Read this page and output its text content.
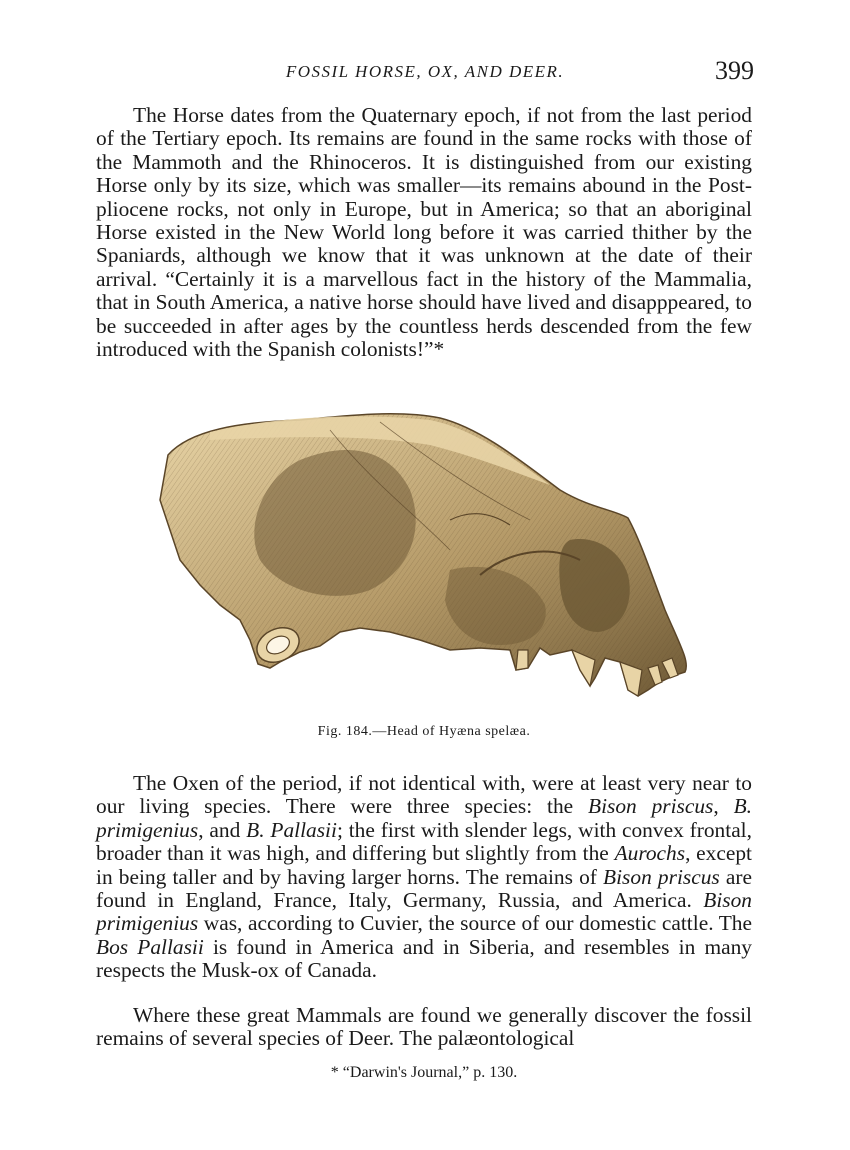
FOSSIL HORSE, OX, AND DEER.	399

The Horse dates from the Quaternary epoch, if not from the last period of the Tertiary epoch. Its remains are found in the same rocks with those of the Mammoth and the Rhinoceros. It is distinguished from our existing Horse only by its size, which was smaller—its remains abound in the Post-pliocene rocks, not only in Europe, but in America; so that an aboriginal Horse existed in the New World long before it was carried thither by the Spaniards, although we know that it was unknown at the date of their arrival. “Certainly it is a marvellous fact in the history of the Mammalia, that in South America, a native horse should have lived and disapppeared, to be succeeded in after ages by the countless herds descended from the few introduced with the Spanish colonists!”*

Fig. 184.—Head of Hyæna spelæa.

The Oxen of the period, if not identical with, were at least very near to our living species. There were three species: the Bison priscus, B. primigenius, and B. Pallasii; the first with slender legs, with convex frontal, broader than it was high, and differing but slightly from the Aurochs, except in being taller and by having larger horns. The remains of Bison priscus are found in England, France, Italy, Germany, Russia, and America. Bison primigenius was, according to Cuvier, the source of our domestic cattle. The Bos Pallasii is found in America and in Siberia, and resembles in many respects the Musk-ox of Canada.

Where these great Mammals are found we generally discover the fossil remains of several species of Deer. The palæontological

* “Darwin's Journal,” p. 130.
